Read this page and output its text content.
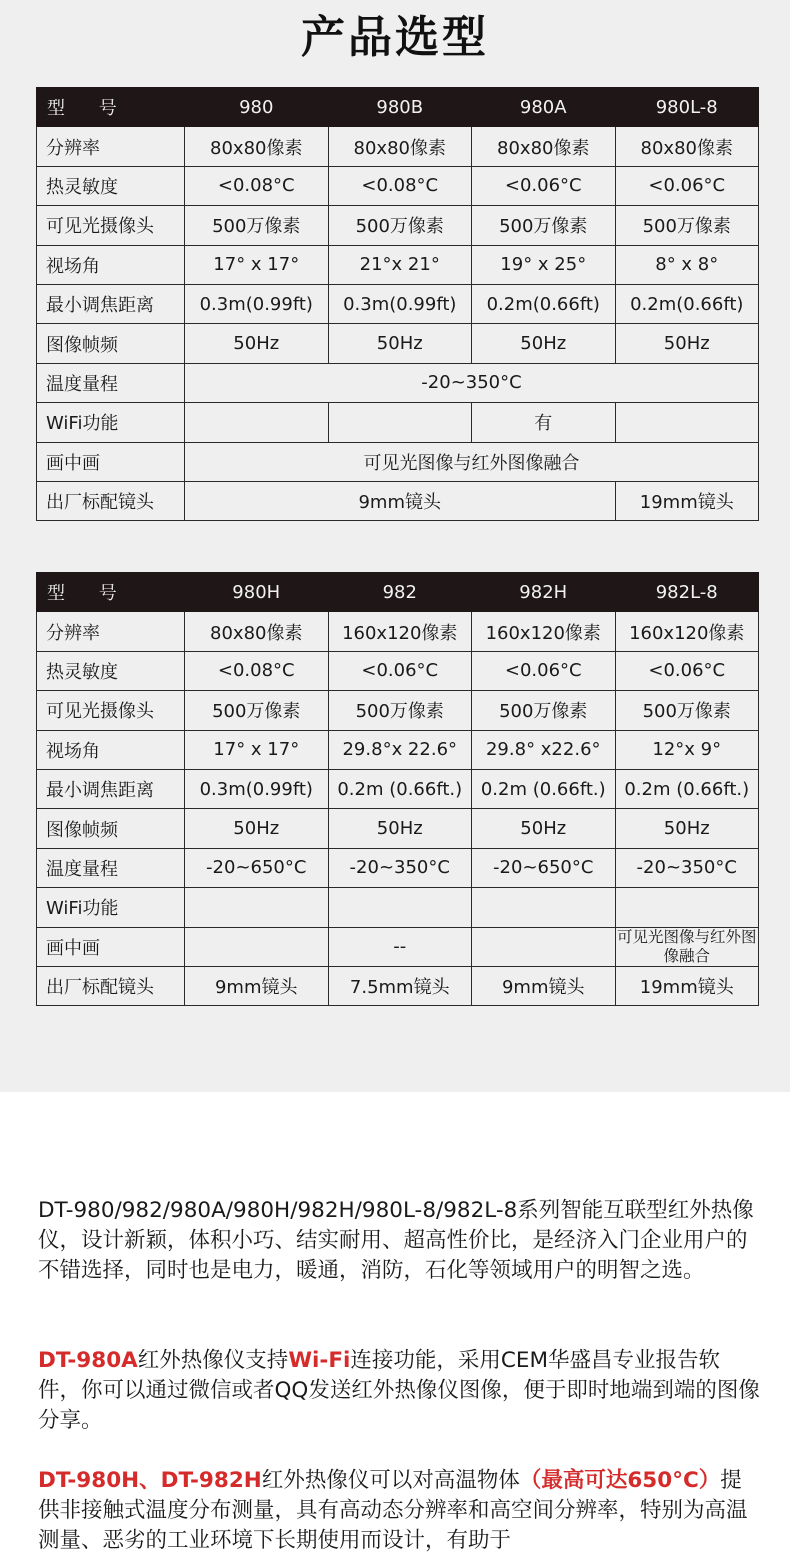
产品选型
型 号	980	980B	980A	980L-8
分辨率	80x80像素	80x80像素	80x80像素	80x80像素
热灵敏度	<0.08°C	<0.08°C	<0.06°C	<0.06°C
可见光摄像头	500万像素	500万像素	500万像素	500万像素
视场角	17° x 17°	21°x 21°	19° x 25°	8° x 8°
最小调焦距离	0.3m(0.99ft)	0.3m(0.99ft)	0.2m(0.66ft)	0.2m(0.66ft)
图像帧频	50Hz	50Hz	50Hz	50Hz
温度量程	-20~350°C			
WiFi功能			有	
画中画	可见光图像与红外图像融合			
出厂标配镜头	9mm镜头			19mm镜头
型 号	980H	982	982H	982L-8
分辨率	80x80像素	160x120像素	160x120像素	160x120像素
热灵敏度	<0.08°C	<0.06°C	<0.06°C	<0.06°C
可见光摄像头	500万像素	500万像素	500万像素	500万像素
视场角	17° x 17°	29.8°x 22.6°	29.8° x22.6°	12°x 9°
最小调焦距离	0.3m(0.99ft)	0.2m (0.66ft.)	0.2m (0.66ft.)	0.2m (0.66ft.)
图像帧频	50Hz	50Hz	50Hz	50Hz
温度量程	-20~650°C	-20~350°C	-20~650°C	-20~350°C
WiFi功能				
画中画		--		可见光图像与红外图像融合
出厂标配镜头	9mm镜头	7.5mm镜头	9mm镜头	19mm镜头

DT-980/982/980A/980H/982H/980L-8/982L-8系列智能互联型红外热像仪，设计新颖，体积小巧、结实耐用、超高性价比，是经济入门企业用户的不错选择，同时也是电力，暖通，消防，石化等领域用户的明智之选。

DT-980A红外热像仪支持Wi-Fi连接功能，采用CEM华盛昌专业报告软件，你可以通过微信或者QQ发送红外热像仪图像，便于即时地端到端的图像分享。

DT-980H、DT-982H红外热像仪可以对高温物体（最高可达650°C）提供非接触式温度分布测量，具有高动态分辨率和高空间分辨率，特别为高温测量、恶劣的工业环境下长期使用而设计，有助于
